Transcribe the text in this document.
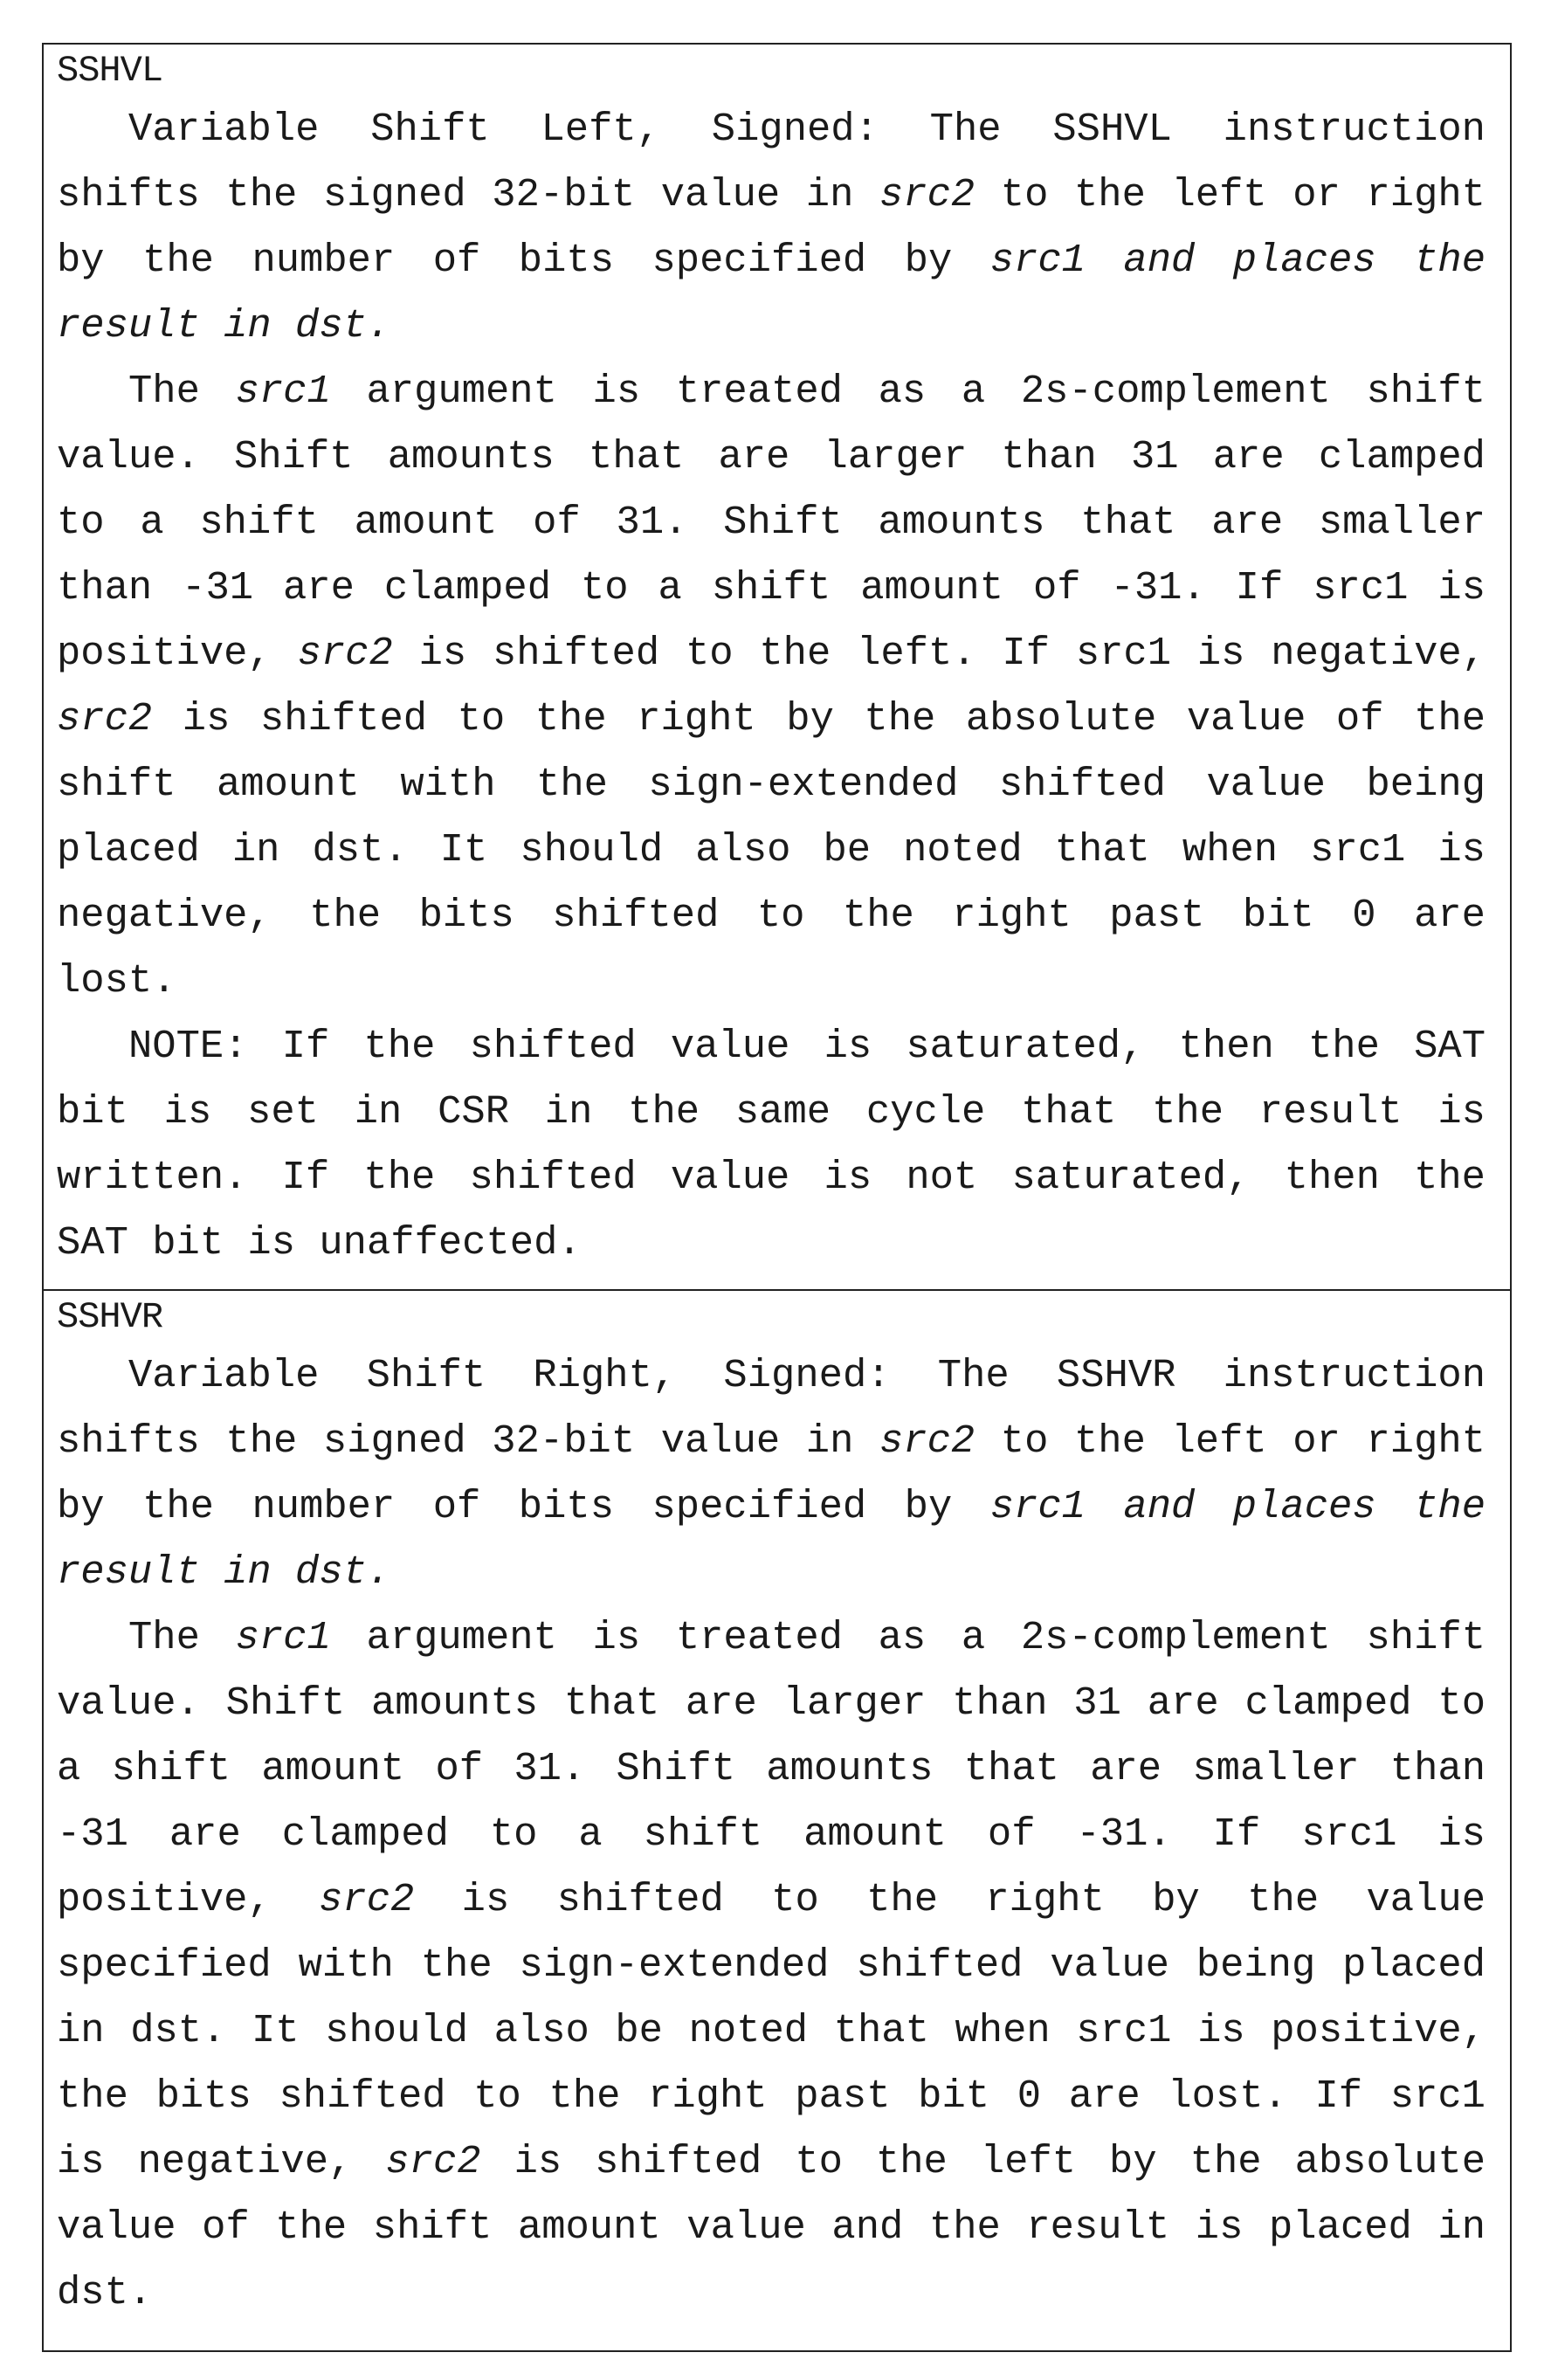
SSHVL
Variable Shift Left, Signed: The SSHVL instruction
shifts the signed 32-bit value in src2 to the left or right
by the number of bits specified by src1 and places the
result in dst.
The src1 argument is treated as a 2s-complement shift
value. Shift amounts that are larger than 31 are clamped
to a shift amount of 31. Shift amounts that are smaller
than -31 are clamped to a shift amount of -31. If src1 is
positive, src2 is shifted to the left. If src1 is negative,
src2 is shifted to the right by the absolute value of the
shift amount with the sign-extended shifted value being
placed in dst. It should also be noted that when src1 is
negative, the bits shifted to the right past bit 0 are
lost.
NOTE: If the shifted value is saturated, then the SAT
bit is set in CSR in the same cycle that the result is
written. If the shifted value is not saturated, then the
SAT bit is unaffected.
SSHVR
Variable Shift Right, Signed: The SSHVR instruction
shifts the signed 32-bit value in src2 to the left or right
by the number of bits specified by src1 and places the
result in dst.
The src1 argument is treated as a 2s-complement shift
value. Shift amounts that are larger than 31 are clamped to
a shift amount of 31. Shift amounts that are smaller than
-31 are clamped to a shift amount of -31. If src1 is
positive, src2 is shifted to the right by the value
specified with the sign-extended shifted value being placed
in dst. It should also be noted that when src1 is positive,
the bits shifted to the right past bit 0 are lost. If src1
is negative, src2 is shifted to the left by the absolute
value of the shift amount value and the result is placed in
dst.
